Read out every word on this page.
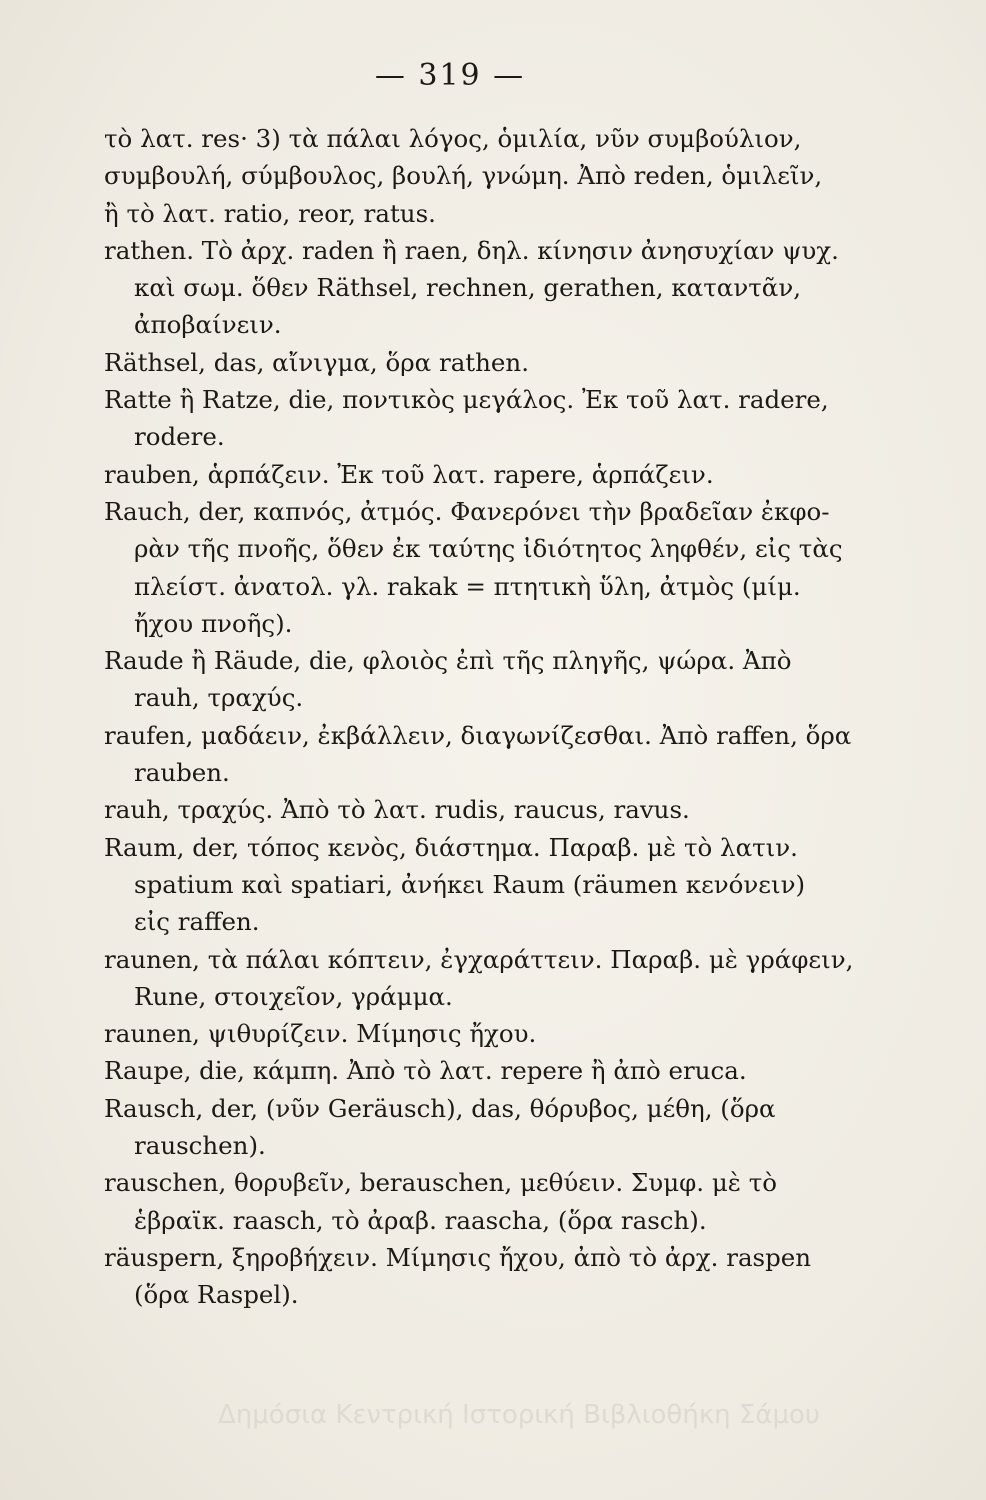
— 319 —
τὸ λατ. res· 3) τὰ πάλαι λόγος, ὁμιλία, νῦν συμβούλιον,
συμβουλή, σύμβουλος, βουλή, γνώμη. Ἀπὸ reden, ὁμιλεῖν,
ἢ τὸ λατ. ratio, reor, ratus.
rathen. Τὸ ἀρχ. raden ἢ raen, δηλ. κίνησιν ἀνησυχίαν ψυχ.
καὶ σωμ. ὅθεν Räthsel, rechnen, gerathen, καταντᾶν,
ἀποβαίνειν.
Räthsel, das, αἴνιγμα, ὅρα rathen.
Ratte ἢ Ratze, die, ποντικὸς μεγάλος. Ἐκ τοῦ λατ. radere,
rodere.
rauben, ἁρπάζειν. Ἐκ τοῦ λατ. rapere, ἁρπάζειν.
Rauch, der, καπνός, ἀτμός. Φανερόνει τὴν βραδεῖαν ἐκφο-
ρὰν τῆς πνοῆς, ὅθεν ἐκ ταύτης ἰδιότητος ληφθέν, εἰς τὰς
πλείστ. ἀνατολ. γλ. rakak = πτητικὴ ὕλη, ἀτμὸς (μίμ.
ἤχου πνοῆς).
Raude ἢ Räude, die, φλοιὸς ἐπὶ τῆς πληγῆς, ψώρα. Ἀπὸ
rauh, τραχύς.
raufen, μαδάειν, ἐκβάλλειν, διαγωνίζεσθαι. Ἀπὸ raffen, ὅρα
rauben.
rauh, τραχύς. Ἀπὸ τὸ λατ. rudis, raucus, ravus.
Raum, der, τόπος κενὸς, διάστημα. Παραβ. μὲ τὸ λατιν.
spatium καὶ spatiari, ἀνήκει Raum (räumen κενόνειν)
εἰς raffen.
raunen, τὰ πάλαι κόπτειν, ἐγχαράττειν. Παραβ. μὲ γράφειν,
Rune, στοιχεῖον, γράμμα.
raunen, ψιθυρίζειν. Μίμησις ἤχου.
Raupe, die, κάμπη. Ἀπὸ τὸ λατ. repere ἢ ἀπὸ eruca.
Rausch, der, (νῦν Geräusch), das, θόρυβος, μέθη, (ὅρα
rauschen).
rauschen, θορυβεῖν, berauschen, μεθύειν. Συμφ. μὲ τὸ
ἑβραϊκ. raasch, τὸ ἀραβ. raascha, (ὅρα rasch).
räuspern, ξηροβήχειν. Μίμησις ἤχου, ἀπὸ τὸ ἀρχ. raspen
(ὅρα Raspel).
Δημόσια Κεντρική Ιστορική Βιβλιοθήκη Σάμου
